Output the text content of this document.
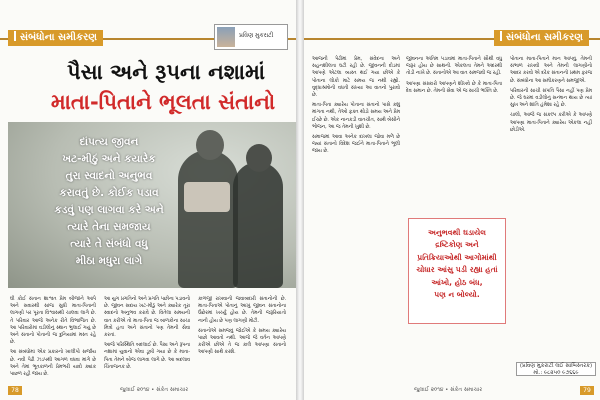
સંબંધોના સમીકરણ	પ્રવિણ મુકરાટી
પૈસા અને રૂપના નશામાં
માતા-પિતાને ભૂલતા સંતાનો
દાંપત્ય જીવન
ખટ-મીઠું અને કયારેક
તુરા સ્વાદનો અનુભવ
કરાવતું છે. કોઈક પડાવ
કડવું પણ લાગવા કરે અને
ત્યારે તેના સમજાય
ત્યારે તે સંબંધો વધુ
મીઠા મધુરા લાગે

ઘી કોઈ સંતાન શાશ્વત પ્રેમ બીજાને આપે અને સવારથી સાંજ સુધી માતા-પિતાની લાગણી પર પૂરતા વિશ્વાસથી ચાલવા લાગે છે. તે પરિવાર આજે અનેક રીતે વિભાજિત છે. આ પરિવારોમાં વડીલોનું સ્થાન ભુલાઈ ગયું છે અને સંતાનો પોતાની જ દુનિયામાં મસ્ત રહે છે.

આ સંબંધોમાં એક પ્રકારનો ખાલીપો સર્જાય છે. નવી પેઢી ઝડપથી આગળ વધવા માંગે છે અને તેમાં ભૂતકાળની પ્રેમભરી યાદો ક્યાંક પાછળ રહી જાય છે.

આ યુગ પ્રગતિનો અને પ્રગતિ પછીના પડાવનો છે. જીવન સદાય ખટ-મીઠું અને ક્યારેક તૂરા સ્વાદનો અનુભવ કરાવે છે. વિતેલા સમયની વાત કરીએ તો માતા-પિતા જ બાળકોના સાચા મિત્રો હતા અને સંતાનો પણ તેમની સેવા કરતાં.

આજે પરિસ્થિતિ બદલાઈ છે. પૈસા અને રૂપના નશામાં યુવાનો એવા ડૂબી ગયા છે કે માતા-પિતા તેમને બોજ લાગવા લાગે છે. આ બદલાવ ચિંતાજનક છે.

કાળજી રાખવાની જવાબદારી સંતાનોની છે. માતા-પિતાએ પોતાનું આખું જીવન સંતાનોના ઉછેરમાં ખર્ચ્યું હોય છે. તેમની જરૂરિયાતો નાની હોય છે પણ લાગણી મોટી.

સંતાનોએ સમજવું જોઈએ કે સમય ક્યારેય પાછો આવતો નથી. આજે જે વર્તન આપણે કરીએ છીએ તે જ કાલે આપણા સંતાનો આપણી સાથે કરશે.

78	જુલાઈ ૨૦૧૪ • સંકેત સમાચાર
સંબંધોના સમીકરણ

આજની પેઢીમાં પ્રેમ, સંવેદના અને સહનશીલતા ઘટી રહી છે. જીવનની દોડમાં આપણે એટલા વ્યસ્ત થઈ ગયા છીએ કે પોતાના લોકો માટે સમય જ નથી રહ્યો. વૃદ્ધાશ્રમોની વધતી સંખ્યા આ વાતનો પુરાવો છે.

માતા-પિતા ક્યારેય પોતાના સંતાનો પાસે કશું માંગતા નથી, તેઓ ફક્ત થોડો સમય અને પ્રેમ ઈચ્છે છે. એક નાનકડી વાતચીત, સાથે બેસીને ભોજન, આ જ તેમની ખુશી છે.

સમાજમાં આવા અનેક દાખલા જોવા મળે છે જ્યાં સંતાનો વિદેશ જઈને માતા-પિતાને ભૂલી જાય છે.

જીવનના અંતિમ પડાવમાં માતા-પિતાને સૌથી વધુ જરૂર હોય છે સાથની. એકલતા તેમને અંદરથી તોડી નાખે છે. સંતાનોએ આ વાત સમજવી જ રહી.

આપણા સંસ્કારો આપણને શીખવે છે કે માતા-પિતા દેવ સમાન છે. તેમની સેવા એ જ સાચી ભક્તિ છે.

પોતાના માતા-પિતાને માન આપવું, તેમની સંભાળ રાખવી અને તેમની લાગણીનો આદર કરવો એ દરેક સંતાનની પ્રથમ ફરજ છે. સંબંધોના આ સમીકરણને સમજીએ.

પરિવારની સાચી સંપત્તિ પૈસા નહીં પણ પ્રેમ છે. જે ઘરમાં વડીલોનું સન્માન થાય છે ત્યાં સુખ અને શાંતિ હંમેશા રહે છે.

ચાલો, આજે જ સંકલ્પ કરીએ કે આપણે આપણા માતા-પિતાને ક્યારેય એકલા નહીં છોડીએ.

અનુભવથી ઘડાયેલ
દ્રષ્ટિકોણ અને
પ્રતિક્રિયાઓથી આગોમાંથી
ચોધાર આંસુ પડી રહ્યા હતાં
આંખો, હોઠ બંધ,
પણ ન બોલ્યો.
(પ્રવિણ મુકરાટી લઈ સાબિસ્તરક)
મો.: ૯૮૨૫૦ ૯૭૬૬૯
જુલાઈ ૨૦૧૪ • સંકેત સમાચાર	79
